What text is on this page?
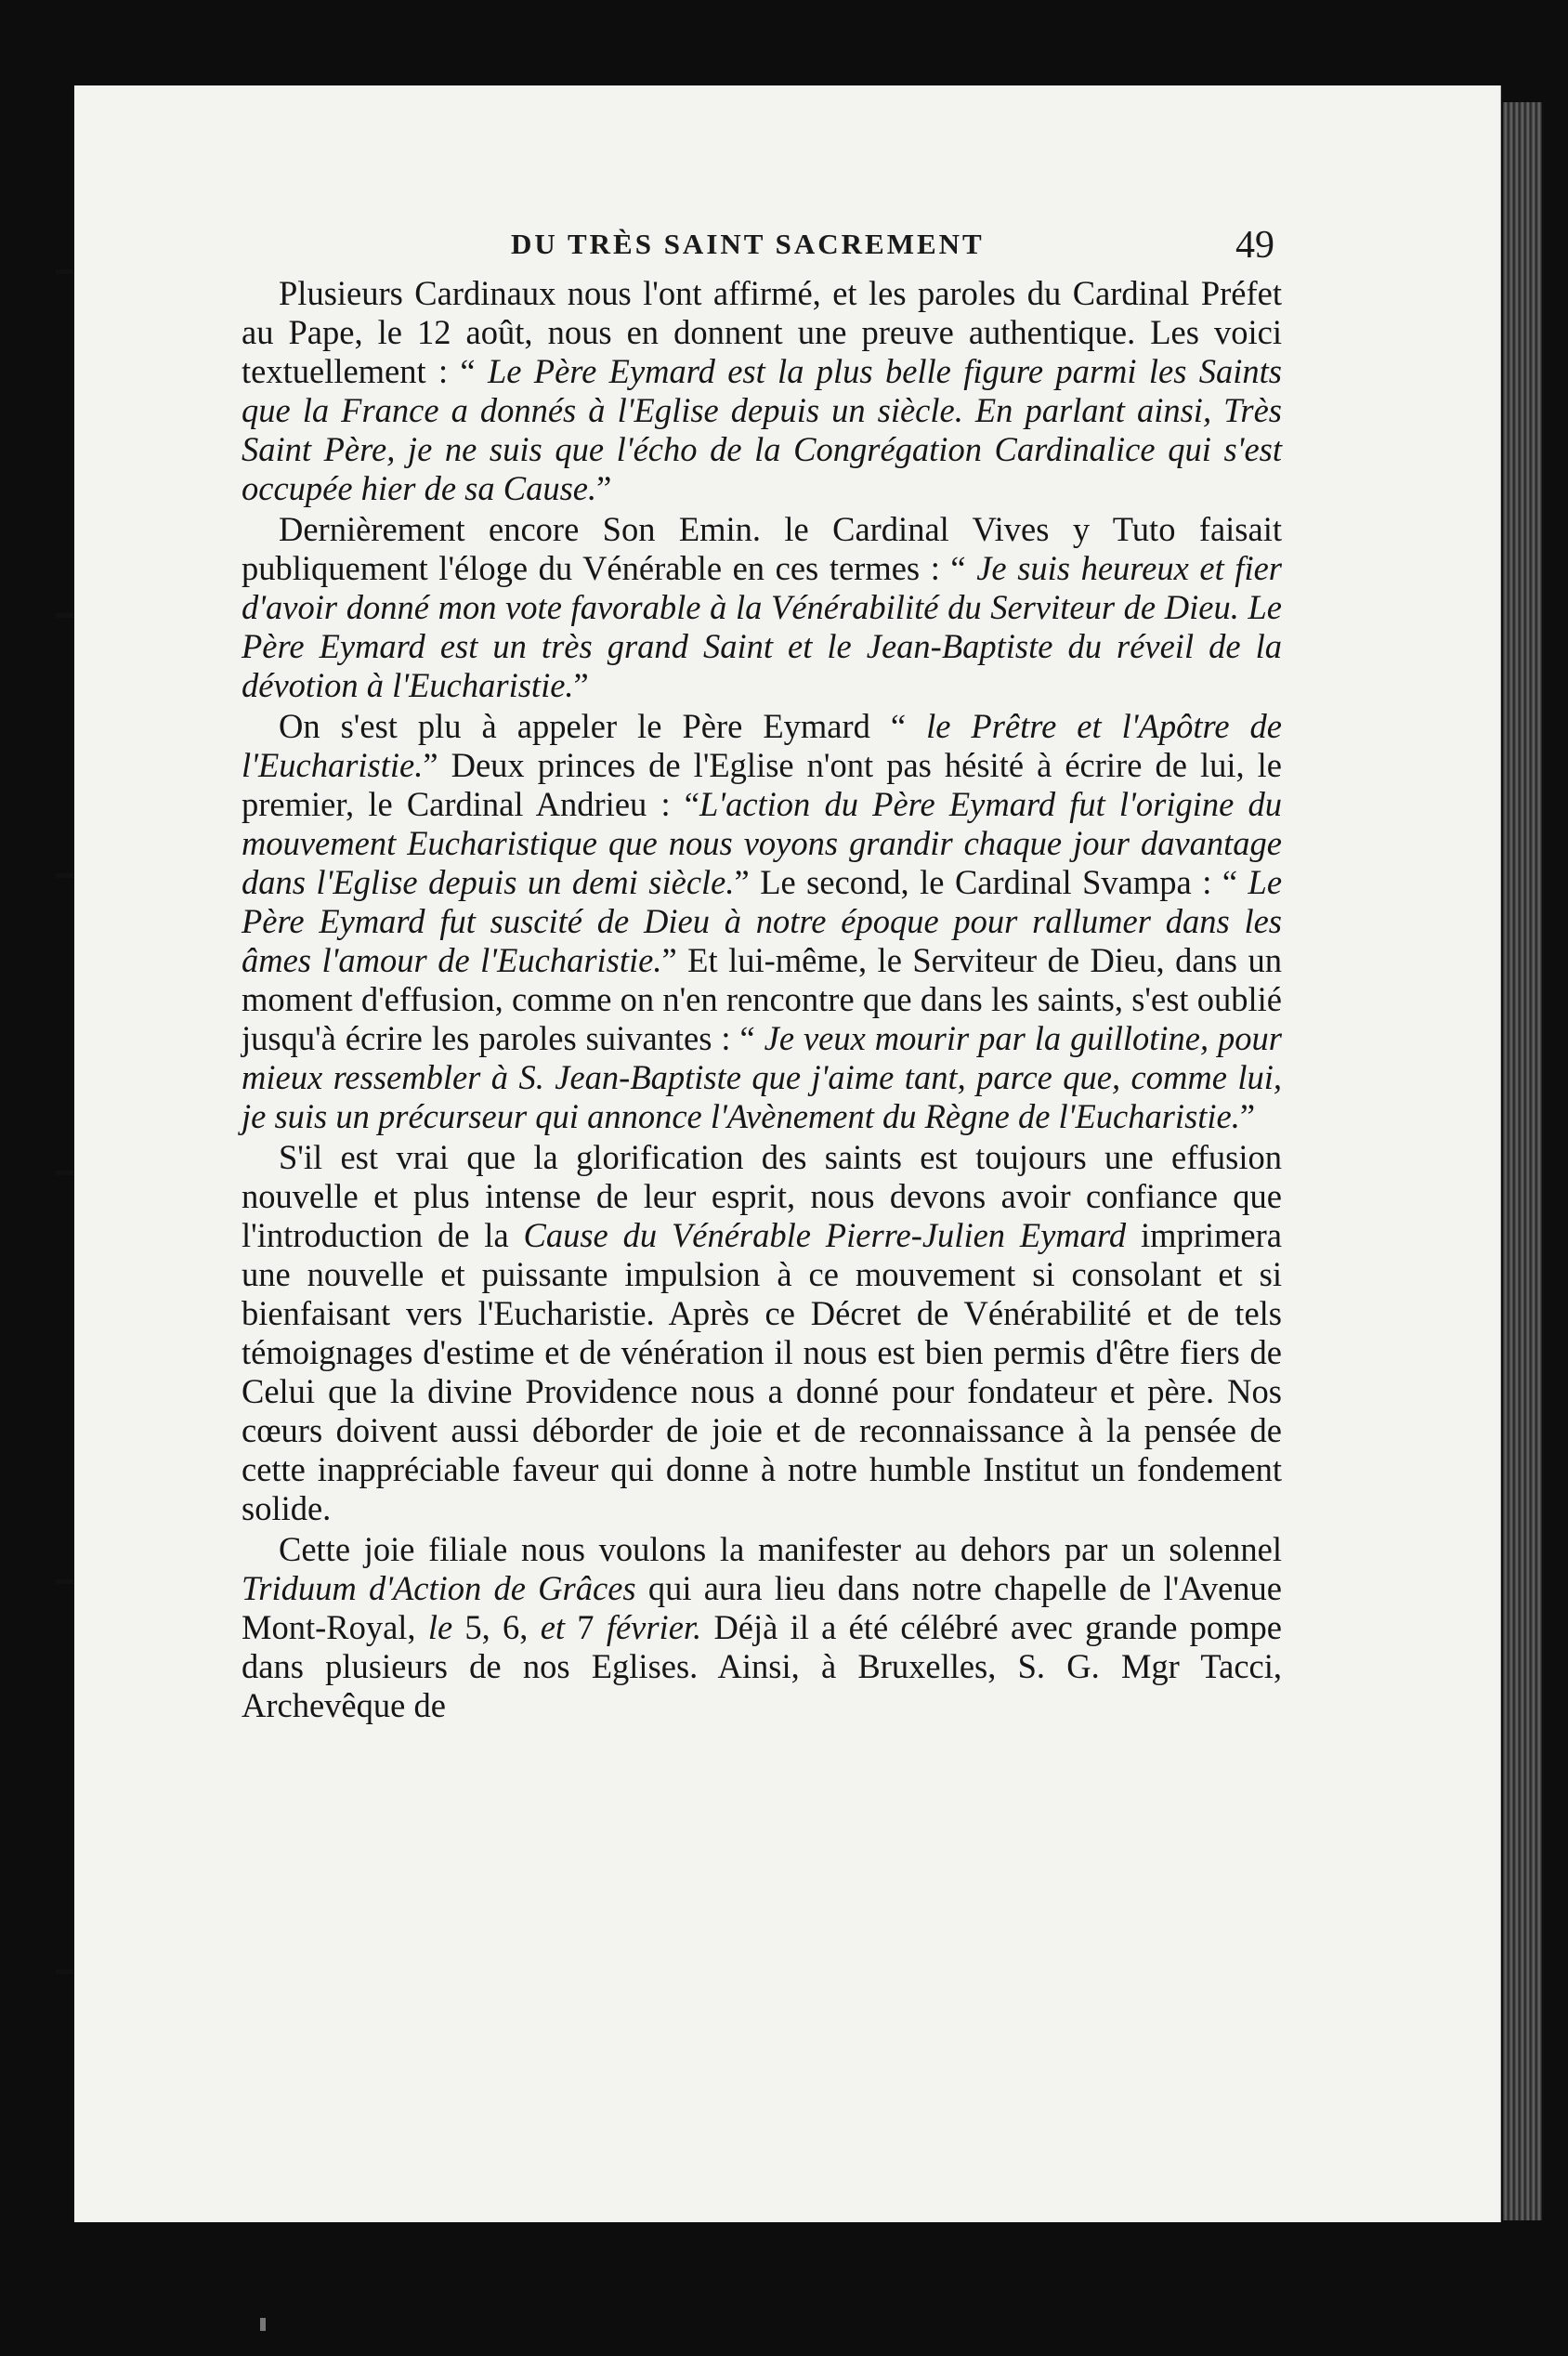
DU TRÈS SAINT SACREMENT	49

Plusieurs Cardinaux nous l'ont affirmé, et les paroles du Cardinal Préfet au Pape, le 12 août, nous en donnent une preuve authentique. Les voici textuellement : “ Le Père Eymard est la plus belle figure parmi les Saints que la France a donnés à l'Eglise depuis un siècle. En parlant ainsi, Très Saint Père, je ne suis que l'écho de la Congrégation Cardinalice qui s'est occupée hier de sa Cause.”

Dernièrement encore Son Emin. le Cardinal Vives y Tuto faisait publiquement l'éloge du Vénérable en ces termes : “ Je suis heureux et fier d'avoir donné mon vote favorable à la Vénérabilité du Serviteur de Dieu. Le Père Eymard est un très grand Saint et le Jean-Baptiste du réveil de la dévotion à l'Eucharistie.”

On s'est plu à appeler le Père Eymard “ le Prêtre et l'Apôtre de l'Eucharistie.” Deux princes de l'Eglise n'ont pas hésité à écrire de lui, le premier, le Cardinal Andrieu : “L'action du Père Eymard fut l'origine du mouvement Eucharistique que nous voyons grandir chaque jour davantage dans l'Eglise depuis un demi siècle.” Le second, le Cardinal Svampa : “ Le Père Eymard fut suscité de Dieu à notre époque pour rallumer dans les âmes l'amour de l'Eucharistie.” Et lui-même, le Serviteur de Dieu, dans un moment d'effusion, comme on n'en rencontre que dans les saints, s'est oublié jusqu'à écrire les paroles suivantes : “ Je veux mourir par la guillotine, pour mieux ressembler à S. Jean-Baptiste que j'aime tant, parce que, comme lui, je suis un précurseur qui annonce l'Avènement du Règne de l'Eucharistie.”

S'il est vrai que la glorification des saints est toujours une effusion nouvelle et plus intense de leur esprit, nous devons avoir confiance que l'introduction de la Cause du Vénérable Pierre-Julien Eymard imprimera une nouvelle et puissante impulsion à ce mouvement si consolant et si bienfaisant vers l'Eucharistie. Après ce Décret de Vénérabilité et de tels témoignages d'estime et de vénération il nous est bien permis d'être fiers de Celui que la divine Providence nous a donné pour fondateur et père. Nos cœurs doivent aussi déborder de joie et de reconnaissance à la pensée de cette inappréciable faveur qui donne à notre humble Institut un fondement solide.

Cette joie filiale nous voulons la manifester au dehors par un solennel Triduum d'Action de Grâces qui aura lieu dans notre chapelle de l'Avenue Mont-Royal, le 5, 6, et 7 février. Déjà il a été célébré avec grande pompe dans plusieurs de nos Eglises. Ainsi, à Bruxelles, S. G. Mgr Tacci, Archevêque de
